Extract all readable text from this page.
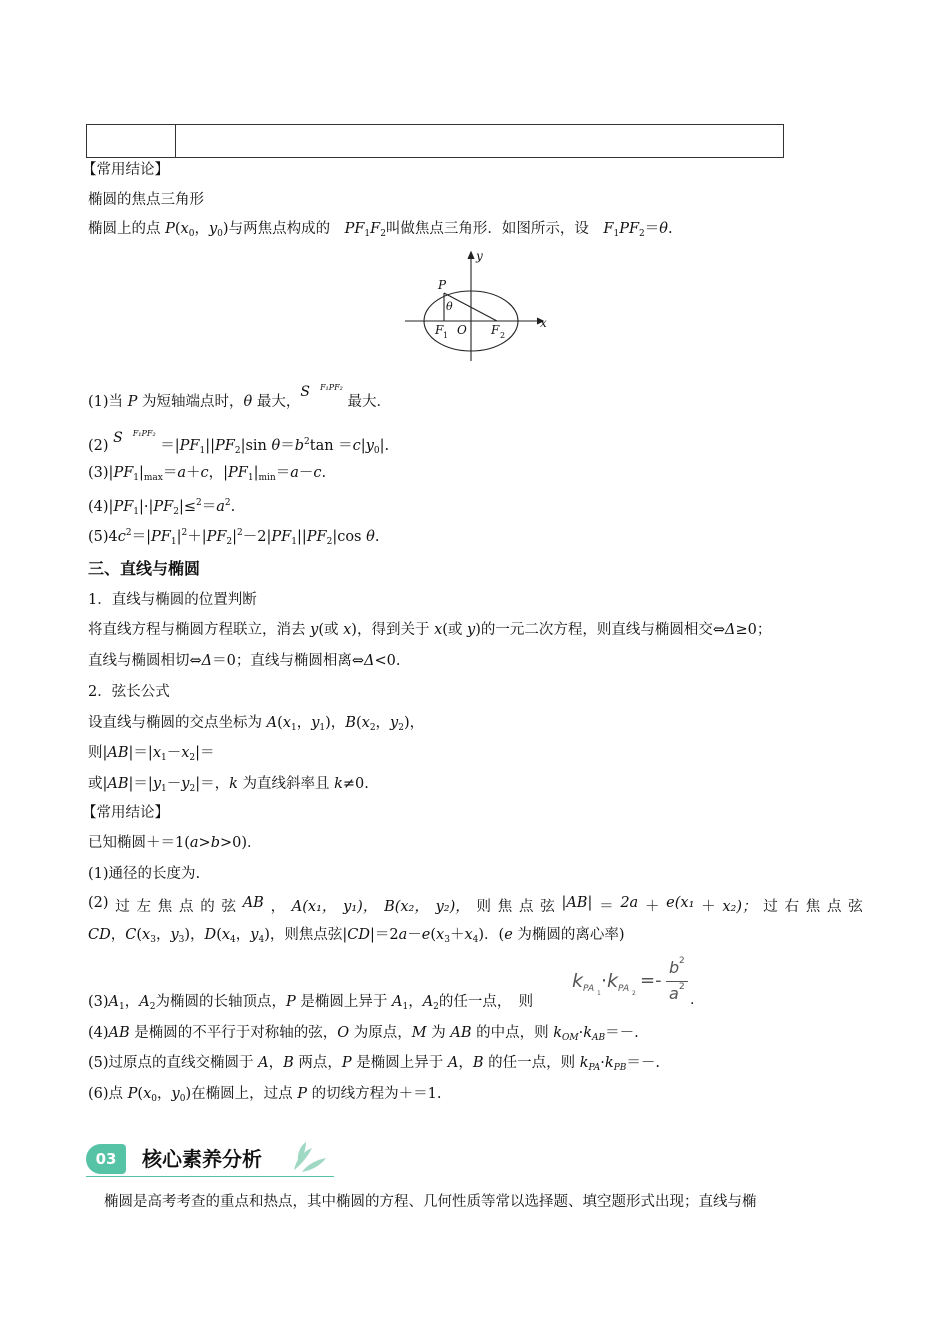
【常用结论】
椭圆的焦点三角形
椭圆上的点 $P(x_0$，$y_0$)与两焦点构成的　$PF_1F_2$叫做焦点三角形．如图所示，设　$F_1PF_2=\theta$.
y
x
P
θ
F 1 O F 2
(1)当 P 为短轴端点时，θ 最大，S $^{F_1PF_2}$ 最大．
(2) S $^{F_1PF_2} =|PF_1||PF_2|\sin$ $\theta=b^2\tan =c|y_0|$.
$(3)|PF_1|_{max}=a+c$，$|PF_1|_{min}=a-c$.
$(4)|PF_1|\cdot|PF_2|\le^2=a^2$.
$(5)4c^2=|PF_1|^2+|PF_2|^2-2|PF_1||PF_2|\cos$ θ.
三、直线与椭圆
1．直线与椭圆的位置判断
将直线方程与椭圆方程联立，消去 y(或 x)，得到关于 x(或 y)的一元二次方程，则直线与椭圆相交⇔Δ≥0；
直线与椭圆相切⇔Δ＝0；直线与椭圆相离⇔Δ<0.
2．弦长公式
设直线与椭圆的交点坐标为 $A(x_1$，$y_1$)，$B(x_2$，$y_2$)，
则$|AB|=|x_1-x_2|=$
或$|AB|=|y_1-y_2|=$，k 为直线斜率且 k≠0.
【常用结论】
已知椭圆＋＝1(a>b>0)．
(1)通径的长度为.
(2) 过 左 焦 点 的 弦 AB ， A(x₁， y₁)， B(x₂， y₂)， 则 焦 点 弦 |AB| ＝ 2a ＋ e(x₁ ＋ x₂)； 过 右 焦 点 弦
CD，$C(x_3$，$y_3$)，$D(x_4$，$y_4$)，则焦点弦$|CD|=2a-e(x_3+x_4)$．(e 为椭圆的离心率)
$(3)A_1$，$A_2$为椭圆的长轴顶点，P 是椭圆上异于 $A_1$，$A_2$的任一点，　则
k PA 1
· k PA 2
=-
b 2
a 2
.
(4)AB 是椭圆的不平行于对称轴的弦，O 为原点，M 为 AB 的中点，则 $k_{OM}\cdot k_{AB}=-$.
(5)过原点的直线交椭圆于 A，B 两点，P 是椭圆上异于 A，B 的任一点，则 $k_{PA}\cdot k_{PB}=-$.
(6)点 $P(x_0$，$y_0$)在椭圆上，过点 P 的切线方程为＋＝1.
03	核心素养分析
椭圆是高考考查的重点和热点，其中椭圆的方程、几何性质等常以选择题、填空题形式出现；直线与椭
